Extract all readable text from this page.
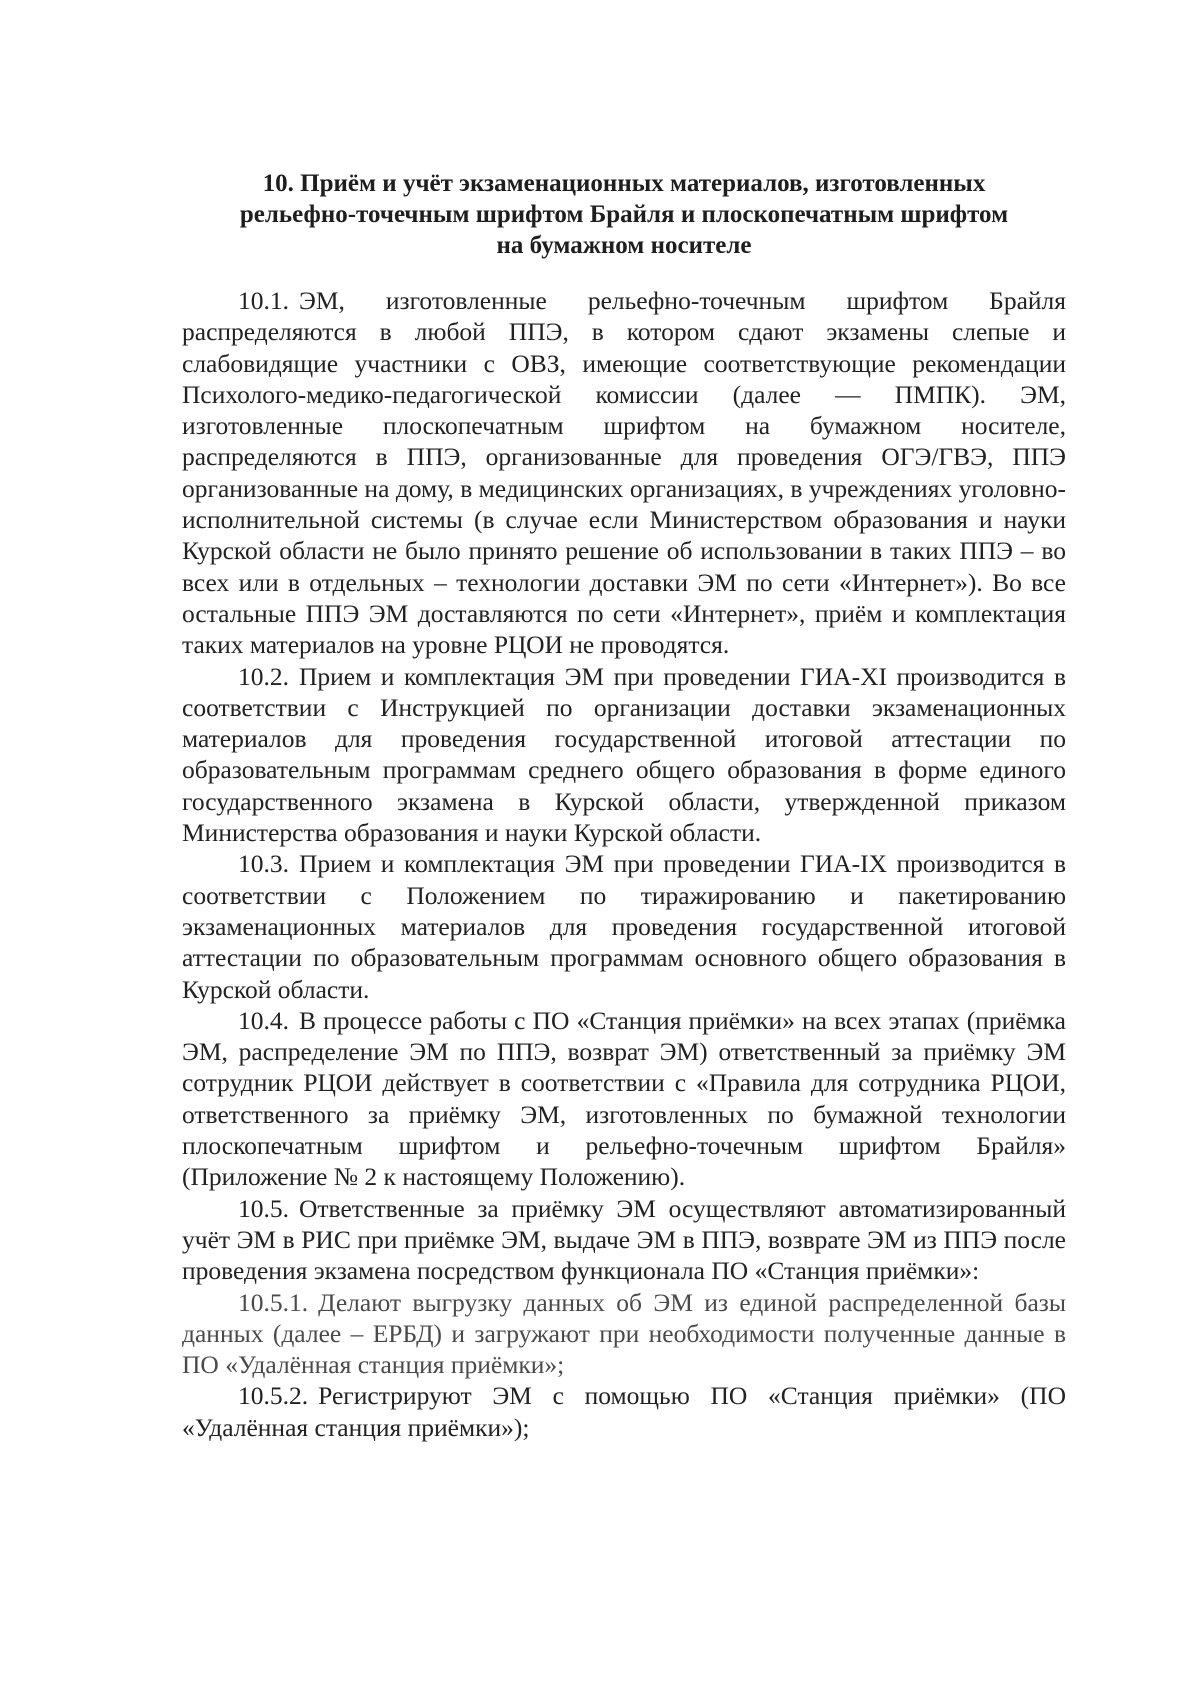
10. Приём и учёт экзаменационных материалов, изготовленных
рельефно-точечным шрифтом Брайля и плоскопечатным шрифтом
на бумажном носителе

10.1. ЭМ, изготовленные рельефно-точечным шрифтом Брайля распределяются в любой ППЭ, в котором сдают экзамены слепые и слабовидящие участники с ОВЗ, имеющие соответствующие рекомендации Психолого-медико-педагогической комиссии (далее — ПМПК). ЭМ, изготовленные плоскопечатным шрифтом на бумажном носителе, распределяются в ППЭ, организованные для проведения ОГЭ/ГВЭ, ППЭ организованные на дому, в медицинских организациях, в учреждениях уголовно-исполнительной системы (в случае если Министерством образования и науки Курской области не было принято решение об использовании в таких ППЭ – во всех или в отдельных – технологии доставки ЭМ по сети «Интернет»). Во все остальные ППЭ ЭМ доставляются по сети «Интернет», приём и комплектация таких материалов на уровне РЦОИ не проводятся.

10.2. Прием и комплектация ЭМ при проведении ГИА-XI производится в соответствии с Инструкцией по организации доставки экзаменационных материалов для проведения государственной итоговой аттестации по образовательным программам среднего общего образования в форме единого государственного экзамена в Курской области, утвержденной приказом Министерства образования и науки Курской области.

10.3. Прием и комплектация ЭМ при проведении ГИА-IX производится в соответствии с Положением по тиражированию и пакетированию экзаменационных материалов для проведения государственной итоговой аттестации по образовательным программам основного общего образования в Курской области.

10.4. В процессе работы с ПО «Станция приёмки» на всех этапах (приёмка ЭМ, распределение ЭМ по ППЭ, возврат ЭМ) ответственный за приёмку ЭМ сотрудник РЦОИ действует в соответствии с «Правила для сотрудника РЦОИ, ответственного за приёмку ЭМ, изготовленных по бумажной технологии плоскопечатным шрифтом и рельефно-точечным шрифтом Брайля» (Приложение № 2 к настоящему Положению).

10.5. Ответственные за приёмку ЭМ осуществляют автоматизированный учёт ЭМ в РИС при приёмке ЭМ, выдаче ЭМ в ППЭ, возврате ЭМ из ППЭ после проведения экзамена посредством функционала ПО «Станция приёмки»:

10.5.1. Делают выгрузку данных об ЭМ из единой распределенной базы данных (далее – ЕРБД) и загружают при необходимости полученные данные в ПО «Удалённая станция приёмки»;

10.5.2. Регистрируют ЭМ с помощью ПО «Станция приёмки» (ПО «Удалённая станция приёмки»);
